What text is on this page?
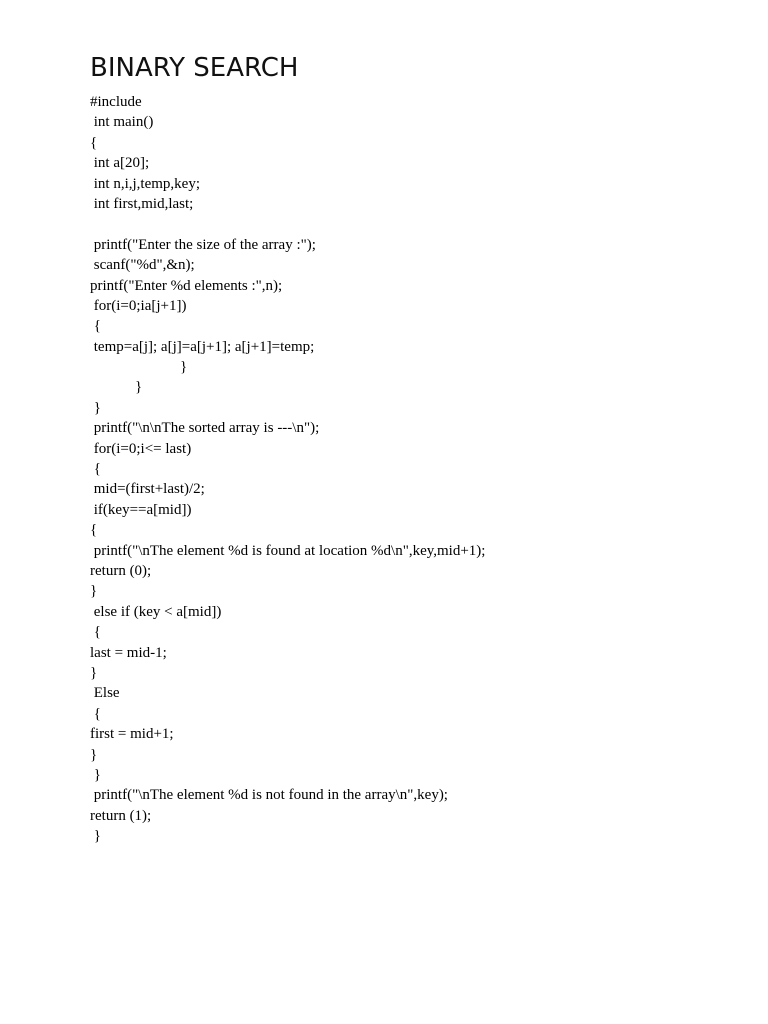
BINARY SEARCH
#include
int main()
{
int a[20];
int n,i,j,temp,key;
int first,mid,last;
printf("Enter the size of the array :");
scanf("%d",&n);
printf("Enter %d elements :",n);
for(i=0;ia[j+1])
{
temp=a[j]; a[j]=a[j+1]; a[j+1]=temp;
}
}
}
printf("\n\nThe sorted array is ---\n");
for(i=0;i<= last)
{
mid=(first+last)/2;
if(key==a[mid])
{
printf("\nThe element %d is found at location %d\n",key,mid+1);
return (0);
}
else if (key < a[mid])
{
last = mid-1;
}
Else
{
first = mid+1;
}
}
printf("\nThe element %d is not found in the array\n",key);
return (1);
}
